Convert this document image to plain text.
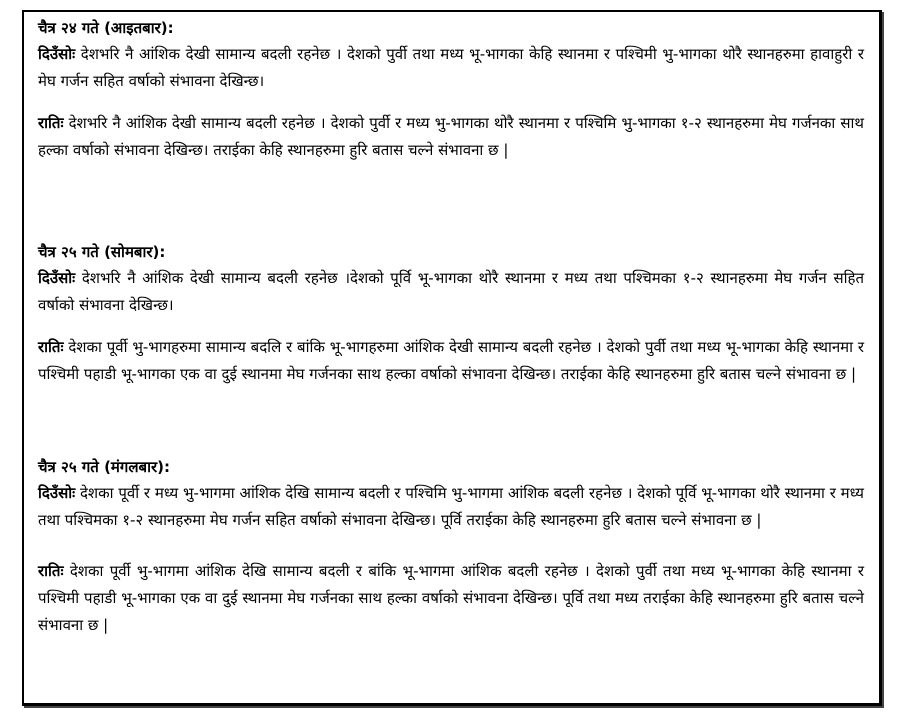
चैत्र २४ गते (आइतबार):

दिउँसोः देशभरि नै आंशिक देखी सामान्य बदली रहनेछ । देशको पुर्वी तथा मध्य भू-भागका केहि स्थानमा र पश्चिमी भु-भागका थोरै स्थानहरुमा हावाहुरी र मेघ गर्जन सहित वर्षाको संभावना देखिन्छ।

रातिः देशभरि नै आंशिक देखी सामान्य बदली रहनेछ । देशको पुर्वी र मध्य भु-भागका थोरै स्थानमा र पश्चिमि भु-भागका १-२ स्थानहरुमा मेघ गर्जनका साथ हल्का वर्षाको संभावना देखिन्छ। तराईका केहि स्थानहरुमा हुरि बतास चल्ने संभावना छ |

चैत्र २५ गते (सोमबार):

दिउँसोः देशभरि नै आंशिक देखी सामान्य बदली रहनेछ ।देशको पूर्वि भू-भागका थोरै स्थानमा र मध्य तथा पश्चिमका १-२ स्थानहरुमा मेघ गर्जन सहित वर्षाको संभावना देखिन्छ।

रातिः देशका पूर्वी भु-भागहरुमा सामान्य बदलि र बांकि भू-भागहरुमा आंशिक देखी सामान्य बदली रहनेछ । देशको पुर्वी तथा मध्य भू-भागका केहि स्थानमा र पश्चिमी पहाडी भू-भागका एक वा दुई स्थानमा मेघ गर्जनका साथ हल्का वर्षाको संभावना देखिन्छ। तराईका केहि स्थानहरुमा हुरि बतास चल्ने संभावना छ |

चैत्र २५ गते (मंगलबार):

दिउँसोः देशका पूर्वी र मध्य भु-भागमा आंशिक देखि सामान्य बदली र पश्चिमि भु-भागमा आंशिक बदली रहनेछ । देशको पूर्वि भू-भागका थोरै स्थानमा र मध्य तथा पश्चिमका १-२ स्थानहरुमा मेघ गर्जन सहित वर्षाको संभावना देखिन्छ। पूर्वि तराईका केहि स्थानहरुमा हुरि बतास चल्ने संभावना छ |

रातिः देशका पूर्वी भु-भागमा आंशिक देखि सामान्य बदली र बांकि भू-भागमा आंशिक बदली रहनेछ । देशको पुर्वी तथा मध्य भू-भागका केहि स्थानमा र पश्चिमी पहाडी भू-भागका एक वा दुई स्थानमा मेघ गर्जनका साथ हल्का वर्षाको संभावना देखिन्छ। पूर्वि तथा मध्य तराईका केहि स्थानहरुमा हुरि बतास चल्ने संभावना छ |
